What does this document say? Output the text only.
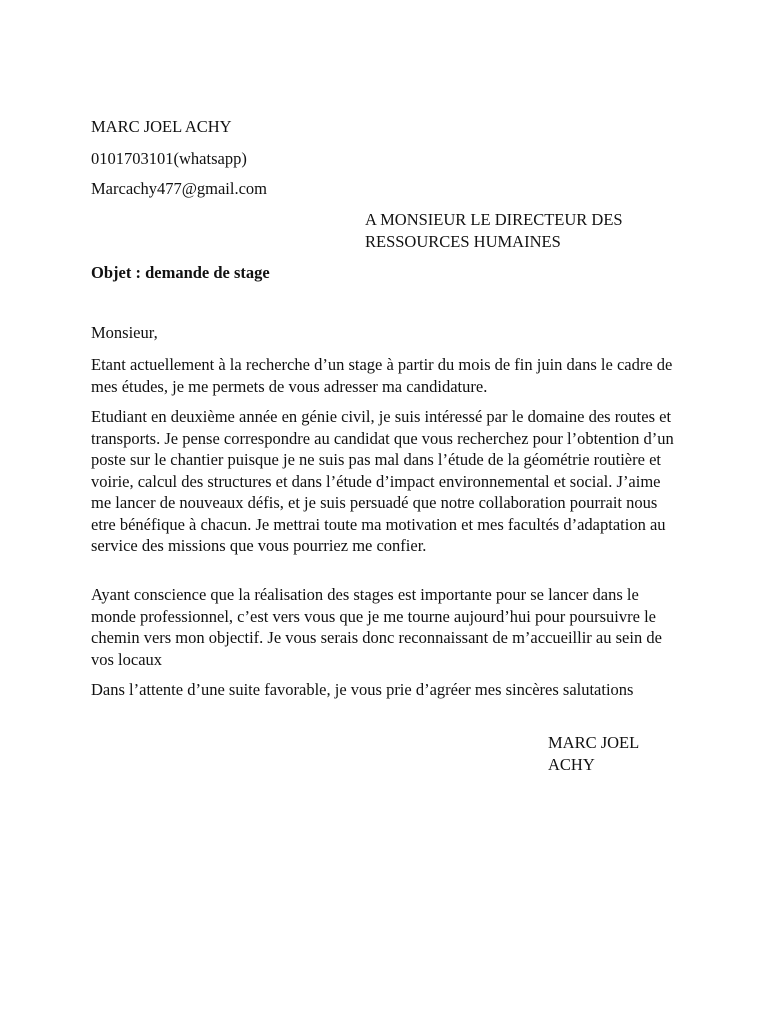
MARC JOEL ACHY
0101703101(whatsapp)
Marcachy477@gmail.com
A MONSIEUR LE DIRECTEUR DES
RESSOURCES HUMAINES
Objet : demande de stage
Monsieur,

Etant actuellement à la recherche d’un stage à partir du mois de fin juin dans le cadre de mes études, je me permets de vous adresser ma candidature.

Etudiant en deuxième année en génie civil, je suis intéressé par le domaine des routes et transports. Je pense correspondre au candidat que vous recherchez pour l’obtention d’un poste sur le chantier puisque je ne suis pas mal dans l’étude de la géométrie routière et voirie, calcul des structures et dans l’étude d’impact environnemental et social. J’aime me lancer de nouveaux défis, et je suis persuadé que notre collaboration pourrait nous etre bénéfique à chacun. Je mettrai toute ma motivation et mes facultés d’adaptation au service des missions que vous pourriez me confier.

Ayant conscience que la réalisation des stages est importante pour se lancer dans le monde professionnel, c’est vers vous que je me tourne aujourd’hui pour poursuivre le chemin vers mon objectif. Je vous serais donc reconnaissant de m’accueillir au sein de vos locaux

Dans l’attente d’une suite favorable, je vous prie d’agréer mes sincères salutations

MARC JOEL ACHY
